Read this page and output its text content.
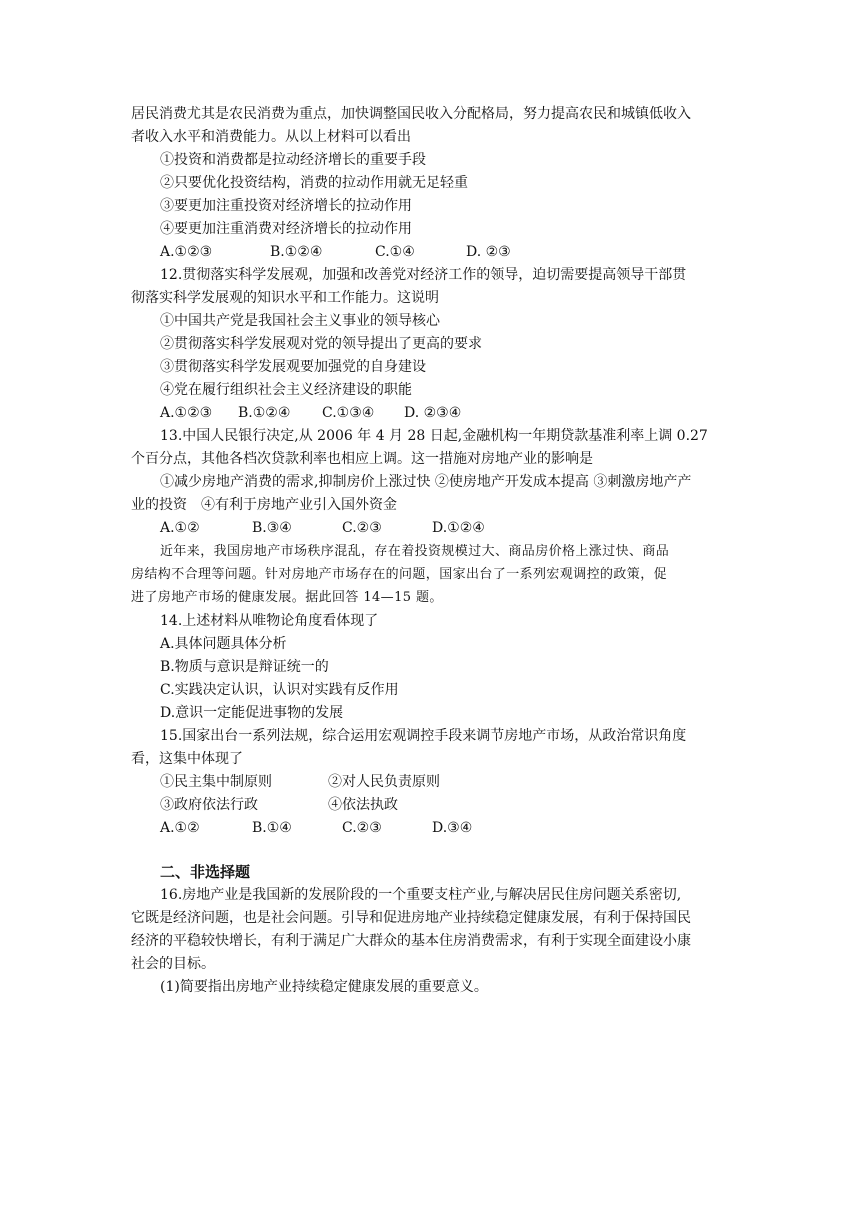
居民消费尤其是农民消费为重点，加快调整国民收入分配格局，努力提高农民和城镇低收入
者收入水平和消费能力。从以上材料可以看出
①投资和消费都是拉动经济增长的重要手段
②只要优化投资结构，消费的拉动作用就无足轻重
③要更加注重投资对经济增长的拉动作用
④要更加注重消费对经济增长的拉动作用
A.①②③	B.①②④	C.①④	D. ②③
12.贯彻落实科学发展观，加强和改善党对经济工作的领导，迫切需要提高领导干部贯
彻落实科学发展观的知识水平和工作能力。这说明
①中国共产党是我国社会主义事业的领导核心
②贯彻落实科学发展观对党的领导提出了更高的要求
③贯彻落实科学发展观要加强党的自身建设
④党在履行组织社会主义经济建设的职能
A.①②③ B.①②④ C.①③④ D. ②③④
13.中国人民银行决定,从 2006 年 4 月 28 日起,金融机构一年期贷款基准利率上调 0.27
个百分点，其他各档次贷款利率也相应上调。这一措施对房地产业的影响是
①减少房地产消费的需求,抑制房价上涨过快 ②使房地产开发成本提高 ③刺激房地产产
业的投资　④有利于房地产业引入国外资金
A.①②	B.③④	C.②③	D.①②④
近年来，我国房地产市场秩序混乱，存在着投资规模过大、商品房价格上涨过快、商品
房结构不合理等问题。针对房地产市场存在的问题，国家出台了一系列宏观调控的政策，促
进了房地产市场的健康发展。据此回答 14—15 题。
14.上述材料从唯物论角度看体现了
A.具体问题具体分析
B.物质与意识是辩证统一的
C.实践决定认识，认识对实践有反作用
D.意识一定能促进事物的发展
15.国家出台一系列法规，综合运用宏观调控手段来调节房地产市场，从政治常识角度
看，这集中体现了
①民主集中制原则	②对人民负责原则
③政府依法行政	④依法执政
A.①②	B.①④	C.②③	D.③④
二、非选择题
16.房地产业是我国新的发展阶段的一个重要支柱产业,与解决居民住房问题关系密切,
它既是经济问题，也是社会问题。引导和促进房地产业持续稳定健康发展，有利于保持国民
经济的平稳较快增长，有利于满足广大群众的基本住房消费需求，有利于实现全面建设小康
社会的目标。
(1)简要指出房地产业持续稳定健康发展的重要意义。
